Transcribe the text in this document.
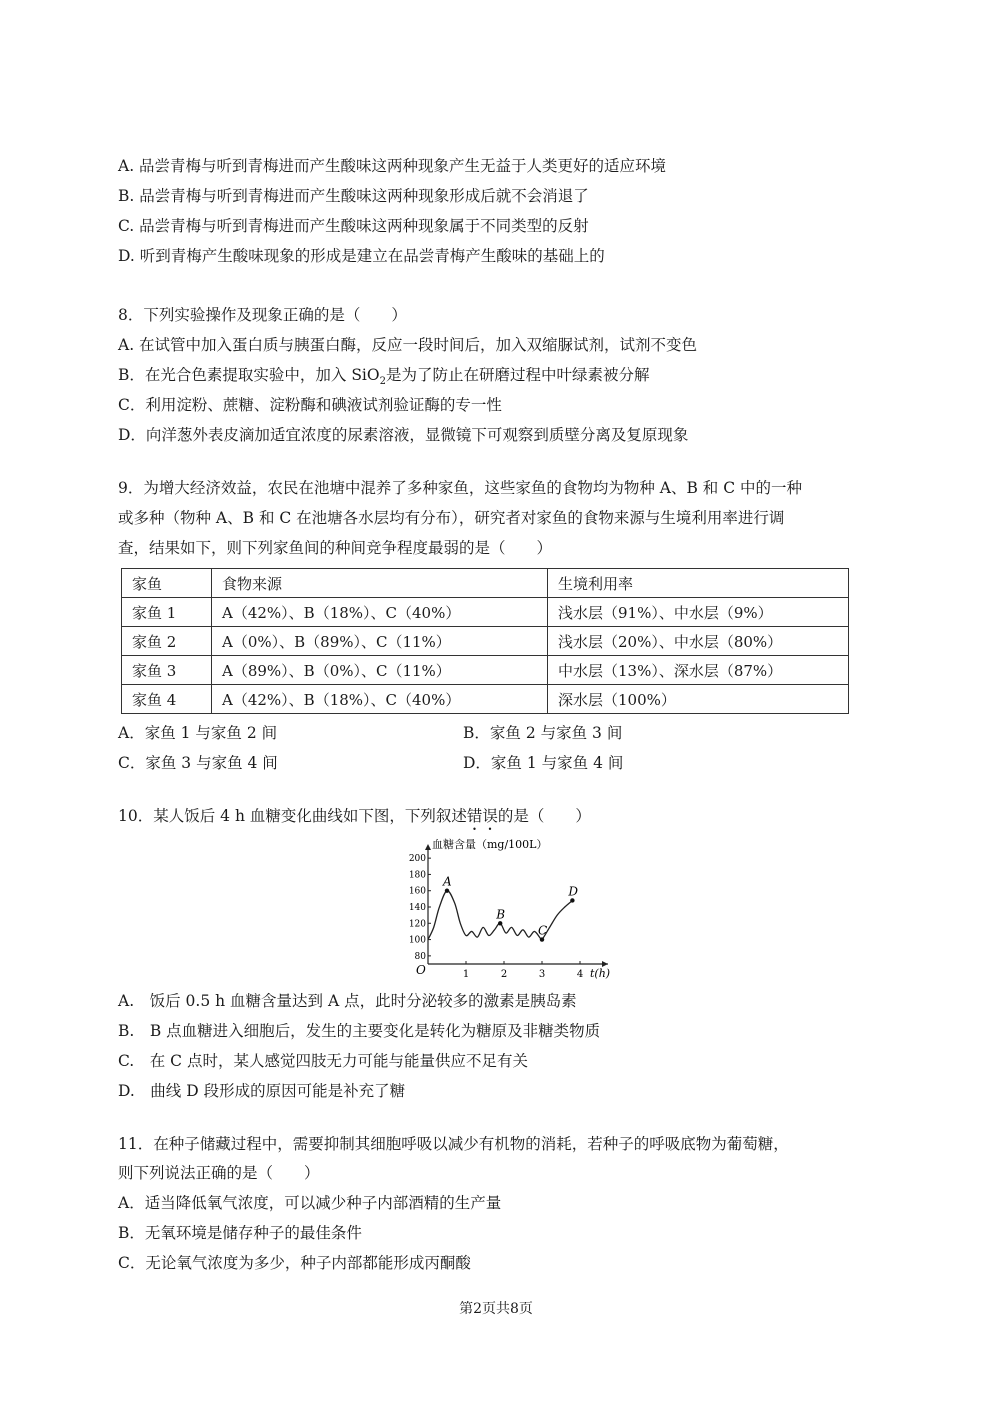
A. 品尝青梅与听到青梅进而产生酸味这两种现象产生无益于人类更好的适应环境
B. 品尝青梅与听到青梅进而产生酸味这两种现象形成后就不会消退了
C. 品尝青梅与听到青梅进而产生酸味这两种现象属于不同类型的反射
D. 听到青梅产生酸味现象的形成是建立在品尝青梅产生酸味的基础上的
8．下列实验操作及现象正确的是（　　）
A. 在试管中加入蛋白质与胰蛋白酶，反应一段时间后，加入双缩脲试剂，试剂不变色
B．在光合色素提取实验中，加入 SiO$_2$是为了防止在研磨过程中叶绿素被分解
C．利用淀粉、蔗糖、淀粉酶和碘液试剂验证酶的专一性
D．向洋葱外表皮滴加适宜浓度的尿素溶液，显微镜下可观察到质壁分离及复原现象
9．为增大经济效益，农民在池塘中混养了多种家鱼，这些家鱼的食物均为物种 A、B 和 C 中的一种
或多种（物种 A、B 和 C 在池塘各水层均有分布），研究者对家鱼的食物来源与生境利用率进行调
查，结果如下，则下列家鱼间的种间竞争程度最弱的是（　　）
家鱼	食物来源	生境利用率
家鱼 1	A（42%）、B（18%）、C（40%）	浅水层（91%）、中水层（9%）
家鱼 2	A（0%）、B（89%）、C（11%）	浅水层（20%）、中水层（80%）
家鱼 3	A（89%）、B（0%）、C（11%）	中水层（13%）、深水层（87%）
家鱼 4	A（42%）、B（18%）、C（40%）	深水层（100%）
A．家鱼 1 与家鱼 2 间	B．家鱼 2 与家鱼 3 间
C．家鱼 3 与家鱼 4 间	D．家鱼 1 与家鱼 4 间
10．某人饭后 4 h 血糖变化曲线如下图，下列叙述错误的是（　　）
1	2	3	4
80
100
120
140
160
180
200
A
B
C
D
血糖含量（mg/100L）
t(h)
O
A.　饭后 0.5 h 血糖含量达到 A 点，此时分泌较多的激素是胰岛素
B.　B 点血糖进入细胞后，发生的主要变化是转化为糖原及非糖类物质
C.　在 C 点时，某人感觉四肢无力可能与能量供应不足有关
D.　曲线 D 段形成的原因可能是补充了糖
11．在种子储藏过程中，需要抑制其细胞呼吸以减少有机物的消耗，若种子的呼吸底物为葡萄糖，
则下列说法正确的是（　　）
A．适当降低氧气浓度，可以减少种子内部酒精的生产量
B．无氧环境是储存种子的最佳条件
C．无论氧气浓度为多少，种子内部都能形成丙酮酸
第2页共8页
